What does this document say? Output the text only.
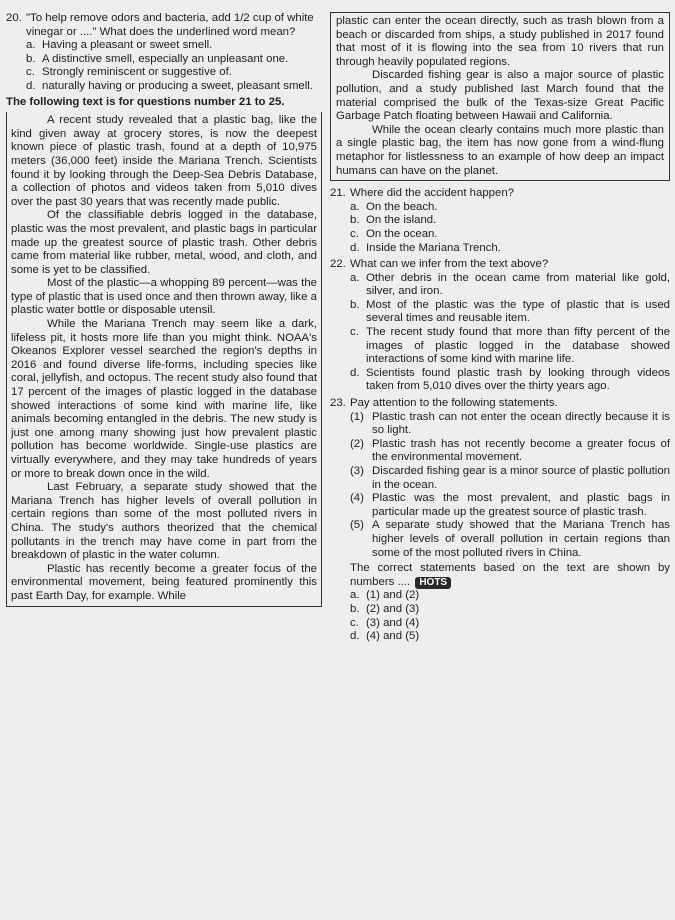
20. "To help remove odors and bacteria, add 1/2 cup of white vinegar or ...." What does the underlined word mean?
a. Having a pleasant or sweet smell.
b. A distinctive smell, especially an unpleasant one.
c. Strongly reminiscent or suggestive of.
d. naturally having or producing a sweet, pleasant smell.

The following text is for questions number 21 to 25.

A recent study revealed that a plastic bag, like the kind given away at grocery stores, is now the deepest known piece of plastic trash, found at a depth of 10,975 meters (36,000 feet) inside the Mariana Trench. Scientists found it by looking through the Deep-Sea Debris Database, a collection of photos and videos taken from 5,010 dives over the past 30 years that was recently made public.

Of the classifiable debris logged in the database, plastic was the most prevalent, and plastic bags in particular made up the greatest source of plastic trash. Other debris came from material like rubber, metal, wood, and cloth, and some is yet to be classified.

Most of the plastic—a whopping 89 percent—was the type of plastic that is used once and then thrown away, like a plastic water bottle or disposable utensil.

While the Mariana Trench may seem like a dark, lifeless pit, it hosts more life than you might think. NOAA's Okeanos Explorer vessel searched the region's depths in 2016 and found diverse life-forms, including species like coral, jellyfish, and octopus. The recent study also found that 17 percent of the images of plastic logged in the database showed interactions of some kind with marine life, like animals becoming entangled in the debris. The new study is just one among many showing just how prevalent plastic pollution has become worldwide. Single-use plastics are virtually everywhere, and they may take hundreds of years or more to break down once in the wild.

Last February, a separate study showed that the Mariana Trench has higher levels of overall pollution in certain regions than some of the most polluted rivers in China. The study's authors theorized that the chemical pollutants in the trench may have come in part from the breakdown of plastic in the water column.

Plastic has recently become a greater focus of the environmental movement, being featured prominently this past Earth Day, for example. While

plastic can enter the ocean directly, such as trash blown from a beach or discarded from ships, a study published in 2017 found that most of it is flowing into the sea from 10 rivers that run through heavily populated regions.

Discarded fishing gear is also a major source of plastic pollution, and a study published last March found that the material comprised the bulk of the Texas-size Great Pacific Garbage Patch floating between Hawaii and California.

While the ocean clearly contains much more plastic than a single plastic bag, the item has now gone from a wind-flung metaphor for listlessness to an example of how deep an impact humans can have on the planet.

21. Where did the accident happen?
a. On the beach.
b. On the island.
c. On the ocean.
d. Inside the Mariana Trench.
22. What can we infer from the text above?
a. Other debris in the ocean came from material like gold, silver, and iron.
b. Most of the plastic was the type of plastic that is used several times and reusable item.
c. The recent study found that more than fifty percent of the images of plastic logged in the database showed interactions of some kind with marine life.
d. Scientists found plastic trash by looking through videos taken from 5,010 dives over the thirty years ago.
23. Pay attention to the following statements.
(1) Plastic trash can not enter the ocean directly because it is so light.
(2) Plastic trash has not recently become a greater focus of the environmental movement.
(3) Discarded fishing gear is a minor source of plastic pollution in the ocean.
(4) Plastic was the most prevalent, and plastic bags in particular made up the greatest source of plastic trash.
(5) A separate study showed that the Mariana Trench has higher levels of overall pollution in certain regions than some of the most polluted rivers in China.

The correct statements based on the text are shown by numbers .... HOTS

a. (1) and (2)
b. (2) and (3)
c. (3) and (4)
d. (4) and (5)
